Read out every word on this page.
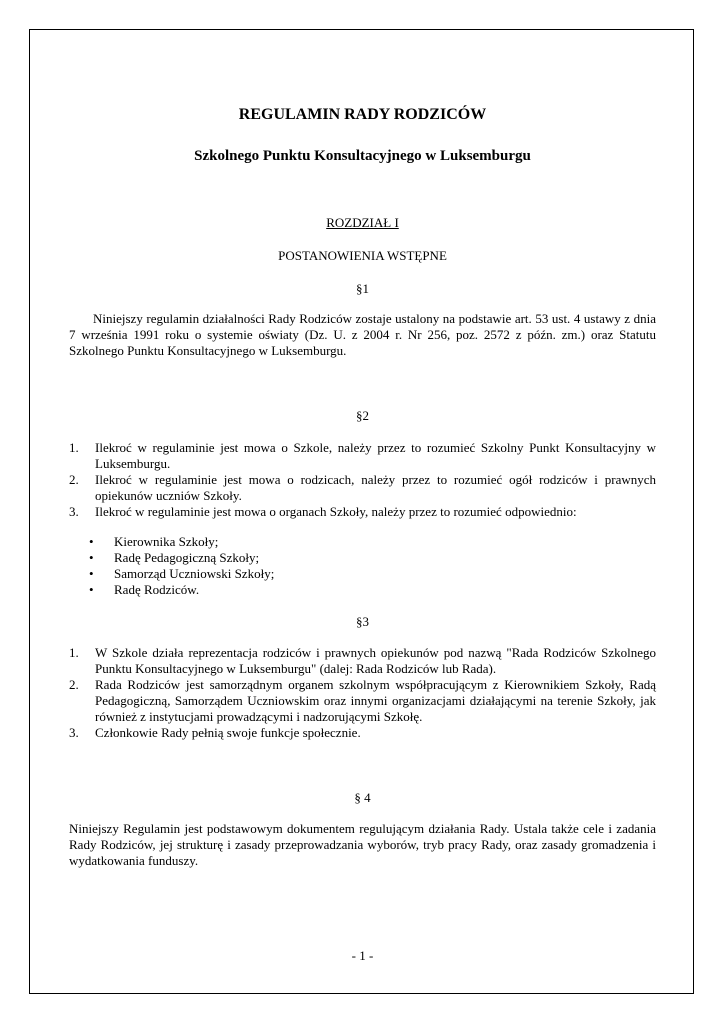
REGULAMIN RADY RODZICÓW
Szkolnego Punktu Konsultacyjnego w Luksemburgu
ROZDZIAŁ I
POSTANOWIENIA WSTĘPNE
§1
Niniejszy regulamin działalności Rady Rodziców zostaje ustalony na podstawie art. 53 ust. 4 ustawy z dnia 7 września 1991 roku o systemie oświaty (Dz. U. z 2004 r. Nr 256, poz. 2572 z późn. zm.) oraz Statutu Szkolnego Punktu Konsultacyjnego w Luksemburgu.
§2
1.	Ilekroć w regulaminie jest mowa o Szkole, należy przez to rozumieć Szkolny Punkt Konsultacyjny w Luksemburgu.
2.	Ilekroć w regulaminie jest mowa o rodzicach, należy przez to rozumieć ogół rodziców i prawnych opiekunów uczniów Szkoły.
3.	Ilekroć w regulaminie jest mowa o organach Szkoły, należy przez to rozumieć odpowiednio:
•	Kierownika Szkoły;
•	Radę Pedagogiczną Szkoły;
•	Samorząd Uczniowski Szkoły;
•	Radę Rodziców.
§3
1.	W Szkole działa reprezentacja rodziców i prawnych opiekunów pod nazwą "Rada Rodziców Szkolnego Punktu Konsultacyjnego w Luksemburgu" (dalej: Rada Rodziców lub Rada).
2.	Rada Rodziców jest samorządnym organem szkolnym współpracującym z Kierownikiem Szkoły, Radą Pedagogiczną, Samorządem Uczniowskim oraz innymi organizacjami działającymi na terenie Szkoły, jak również z instytucjami prowadzącymi i nadzorującymi Szkołę.
3.	Członkowie Rady pełnią swoje funkcje społecznie.
§ 4
Niniejszy Regulamin jest podstawowym dokumentem regulującym działania Rady. Ustala także cele i zadania Rady Rodziców, jej strukturę i zasady przeprowadzania wyborów, tryb pracy Rady, oraz zasady gromadzenia i wydatkowania funduszy.
- 1 -
